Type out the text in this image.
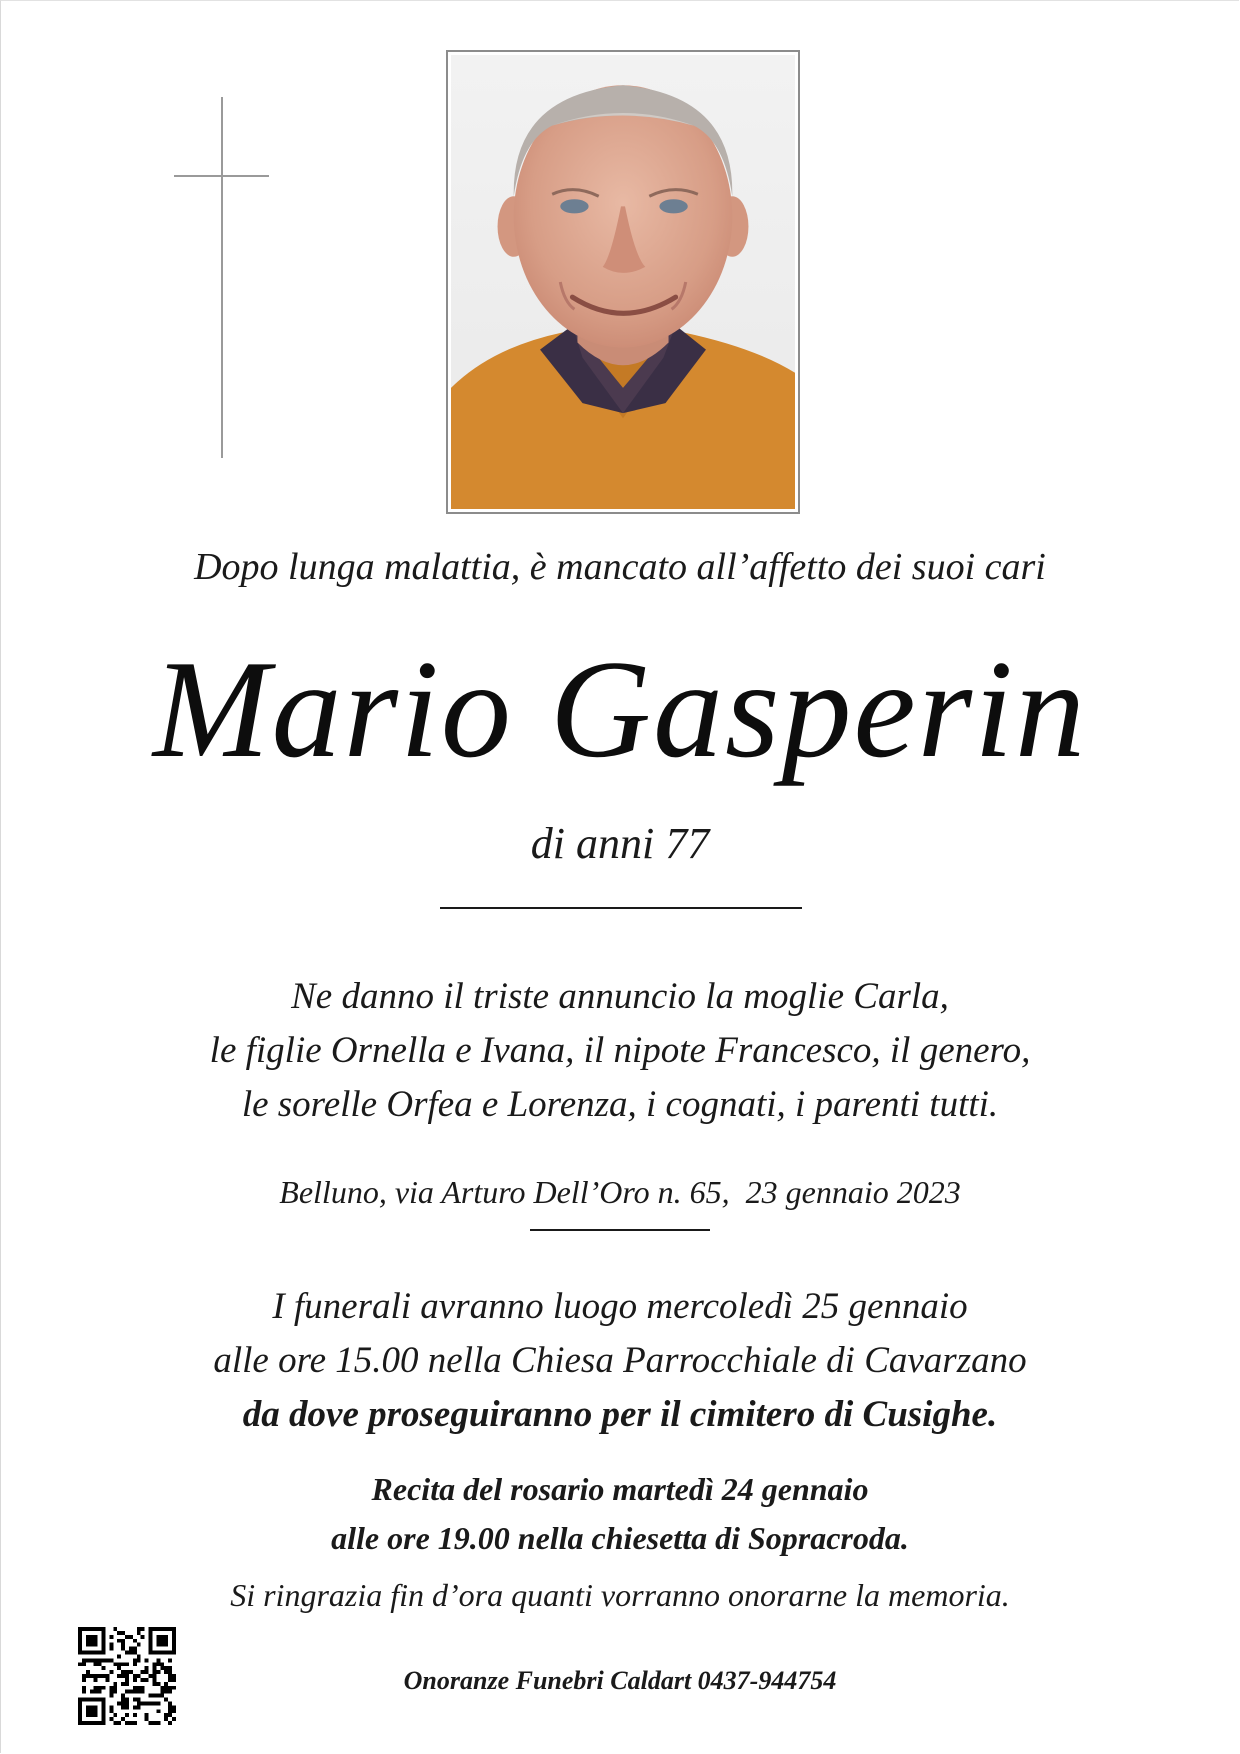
Dopo lunga malattia, è mancato all’affetto dei suoi cari
Mario Gasperin
di anni 77
Ne danno il triste annuncio la moglie Carla,
le figlie Ornella e Ivana, il nipote Francesco, il genero,
le sorelle Orfea e Lorenza, i cognati, i parenti tutti.
Belluno, via Arturo Dell’Oro n. 65,  23 gennaio 2023
I funerali avranno luogo mercoledì 25 gennaio
alle ore 15.00 nella Chiesa Parrocchiale di Cavarzano
da dove proseguiranno per il cimitero di Cusighe.
Recita del rosario martedì 24 gennaio
alle ore 19.00 nella chiesetta di Sopracroda.
Si ringrazia fin d’ora quanti vorranno onorarne la memoria.
Onoranze Funebri Caldart 0437-944754
